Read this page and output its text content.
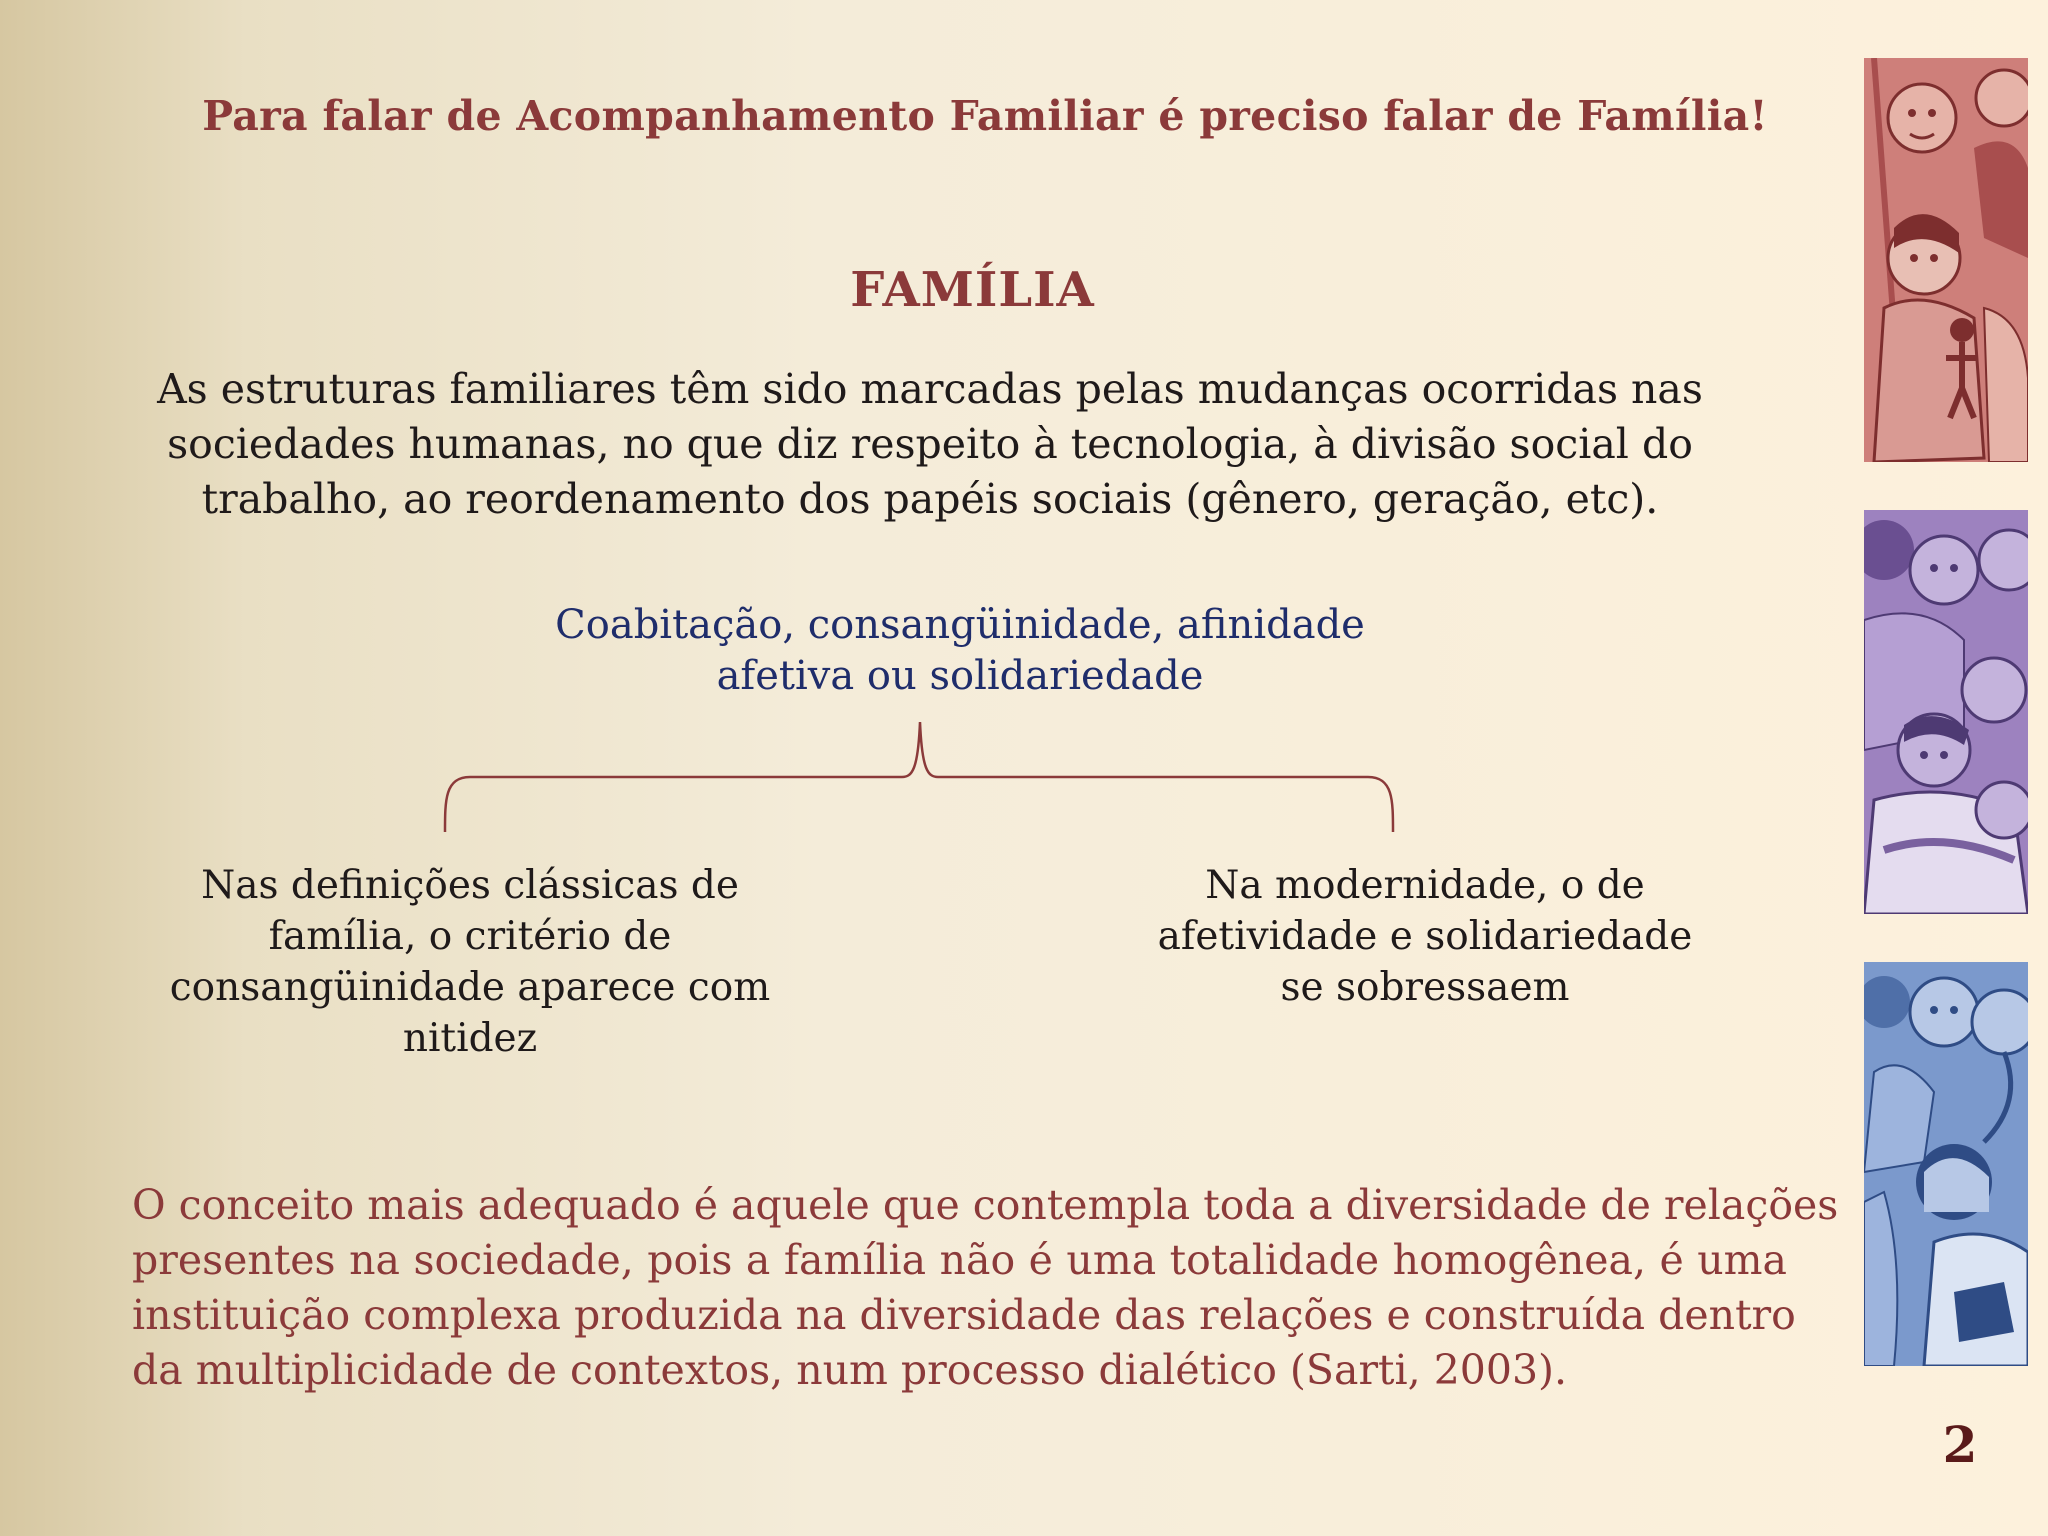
Para falar de Acompanhamento Familiar é preciso falar de Família!
FAMÍLIA
As estruturas familiares têm sido marcadas pelas mudanças ocorridas nas
sociedades humanas, no que diz respeito à tecnologia, à divisão social do
trabalho, ao reordenamento dos papéis sociais (gênero, geração, etc).
Coabitação, consangüinidade, afinidade
afetiva ou solidariedade
Nas definições clássicas de
família, o critério de
consangüinidade aparece com
nitidez
Na modernidade, o de
afetividade e solidariedade
se sobressaem
O conceito mais adequado é aquele que contempla toda a diversidade de relações
presentes na sociedade, pois a família não é uma totalidade homogênea, é uma
instituição complexa produzida na diversidade das relações e construída dentro
da multiplicidade de contextos, num processo dialético (Sarti, 2003).
2
